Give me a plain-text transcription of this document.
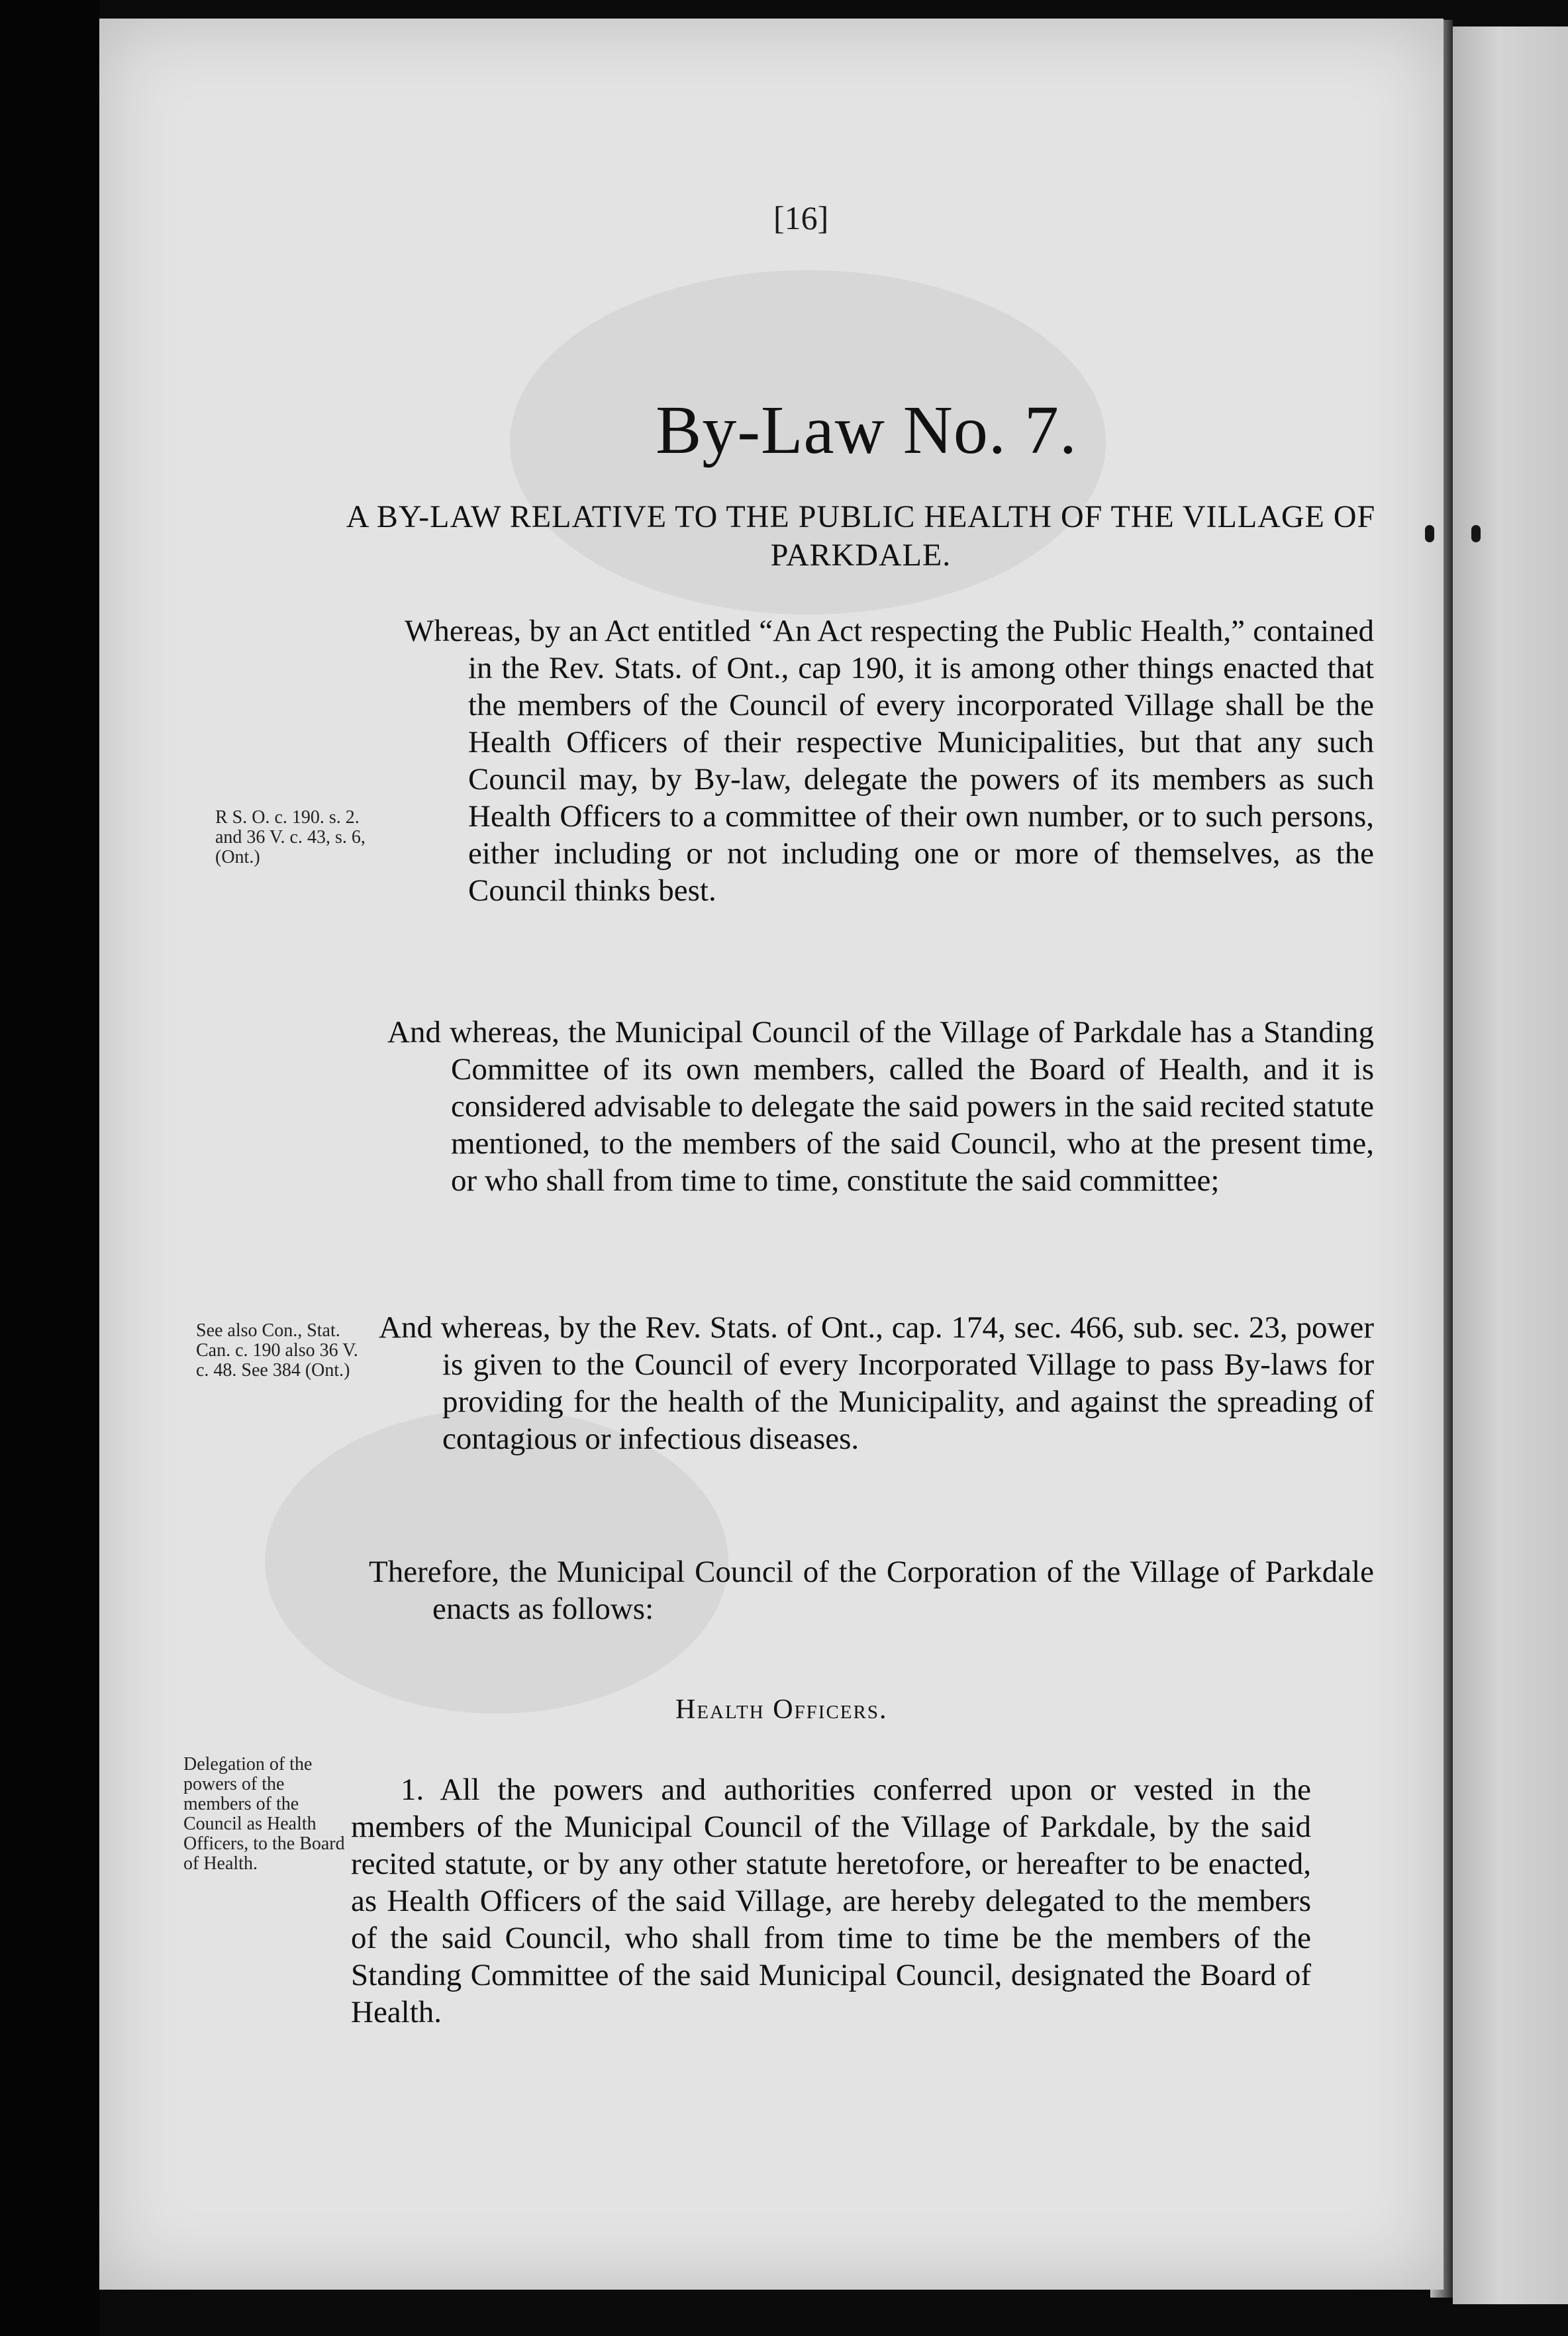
[16]
By-Law No. 7.
A BY-LAW RELATIVE TO THE PUBLIC HEALTH OF THE VILLAGE OF PARKDALE.

Whereas, by an Act entitled “An Act respecting the Public Health,” contained in the Rev. Stats. of Ont., cap 190, it is among other things enacted that the members of the Council of every incorporated Village shall be the Health Officers of their respective Municipalities, but that any such Council may, by By-law, delegate the powers of its members as such Health Officers to a committee of their own number, or to such persons, either including or not including one or more of themselves, as the Council thinks best.

R S. O. c. 190. s. 2. and 36 V. c. 43, s. 6, (Ont.)

And whereas, the Municipal Council of the Village of Parkdale has a Standing Committee of its own members, called the Board of Health, and it is considered advisable to delegate the said powers in the said recited statute mentioned, to the members of the said Council, who at the present time, or who shall from time to time, constitute the said committee;

And whereas, by the Rev. Stats. of Ont., cap. 174, sec. 466, sub. sec. 23, power is given to the Council of every Incorporated Village to pass By-laws for providing for the health of the Municipality, and against the spreading of contagious or infectious diseases.

See also Con., Stat. Can. c. 190 also 36 V. c. 48. See 384 (Ont.)

Therefore, the Municipal Council of the Corporation of the Village of Parkdale enacts as follows:

Health Officers.

1. All the powers and authorities conferred upon or vested in the members of the Municipal Council of the Village of Parkdale, by the said recited statute, or by any other statute heretofore, or hereafter to be enacted, as Health Officers of the said Village, are hereby delegated to the members of the said Council, who shall from time to time be the members of the Standing Committee of the said Municipal Council, designated the Board of Health.

Delegation of the powers of the members of the Council as Health Officers, to the Board of Health.
